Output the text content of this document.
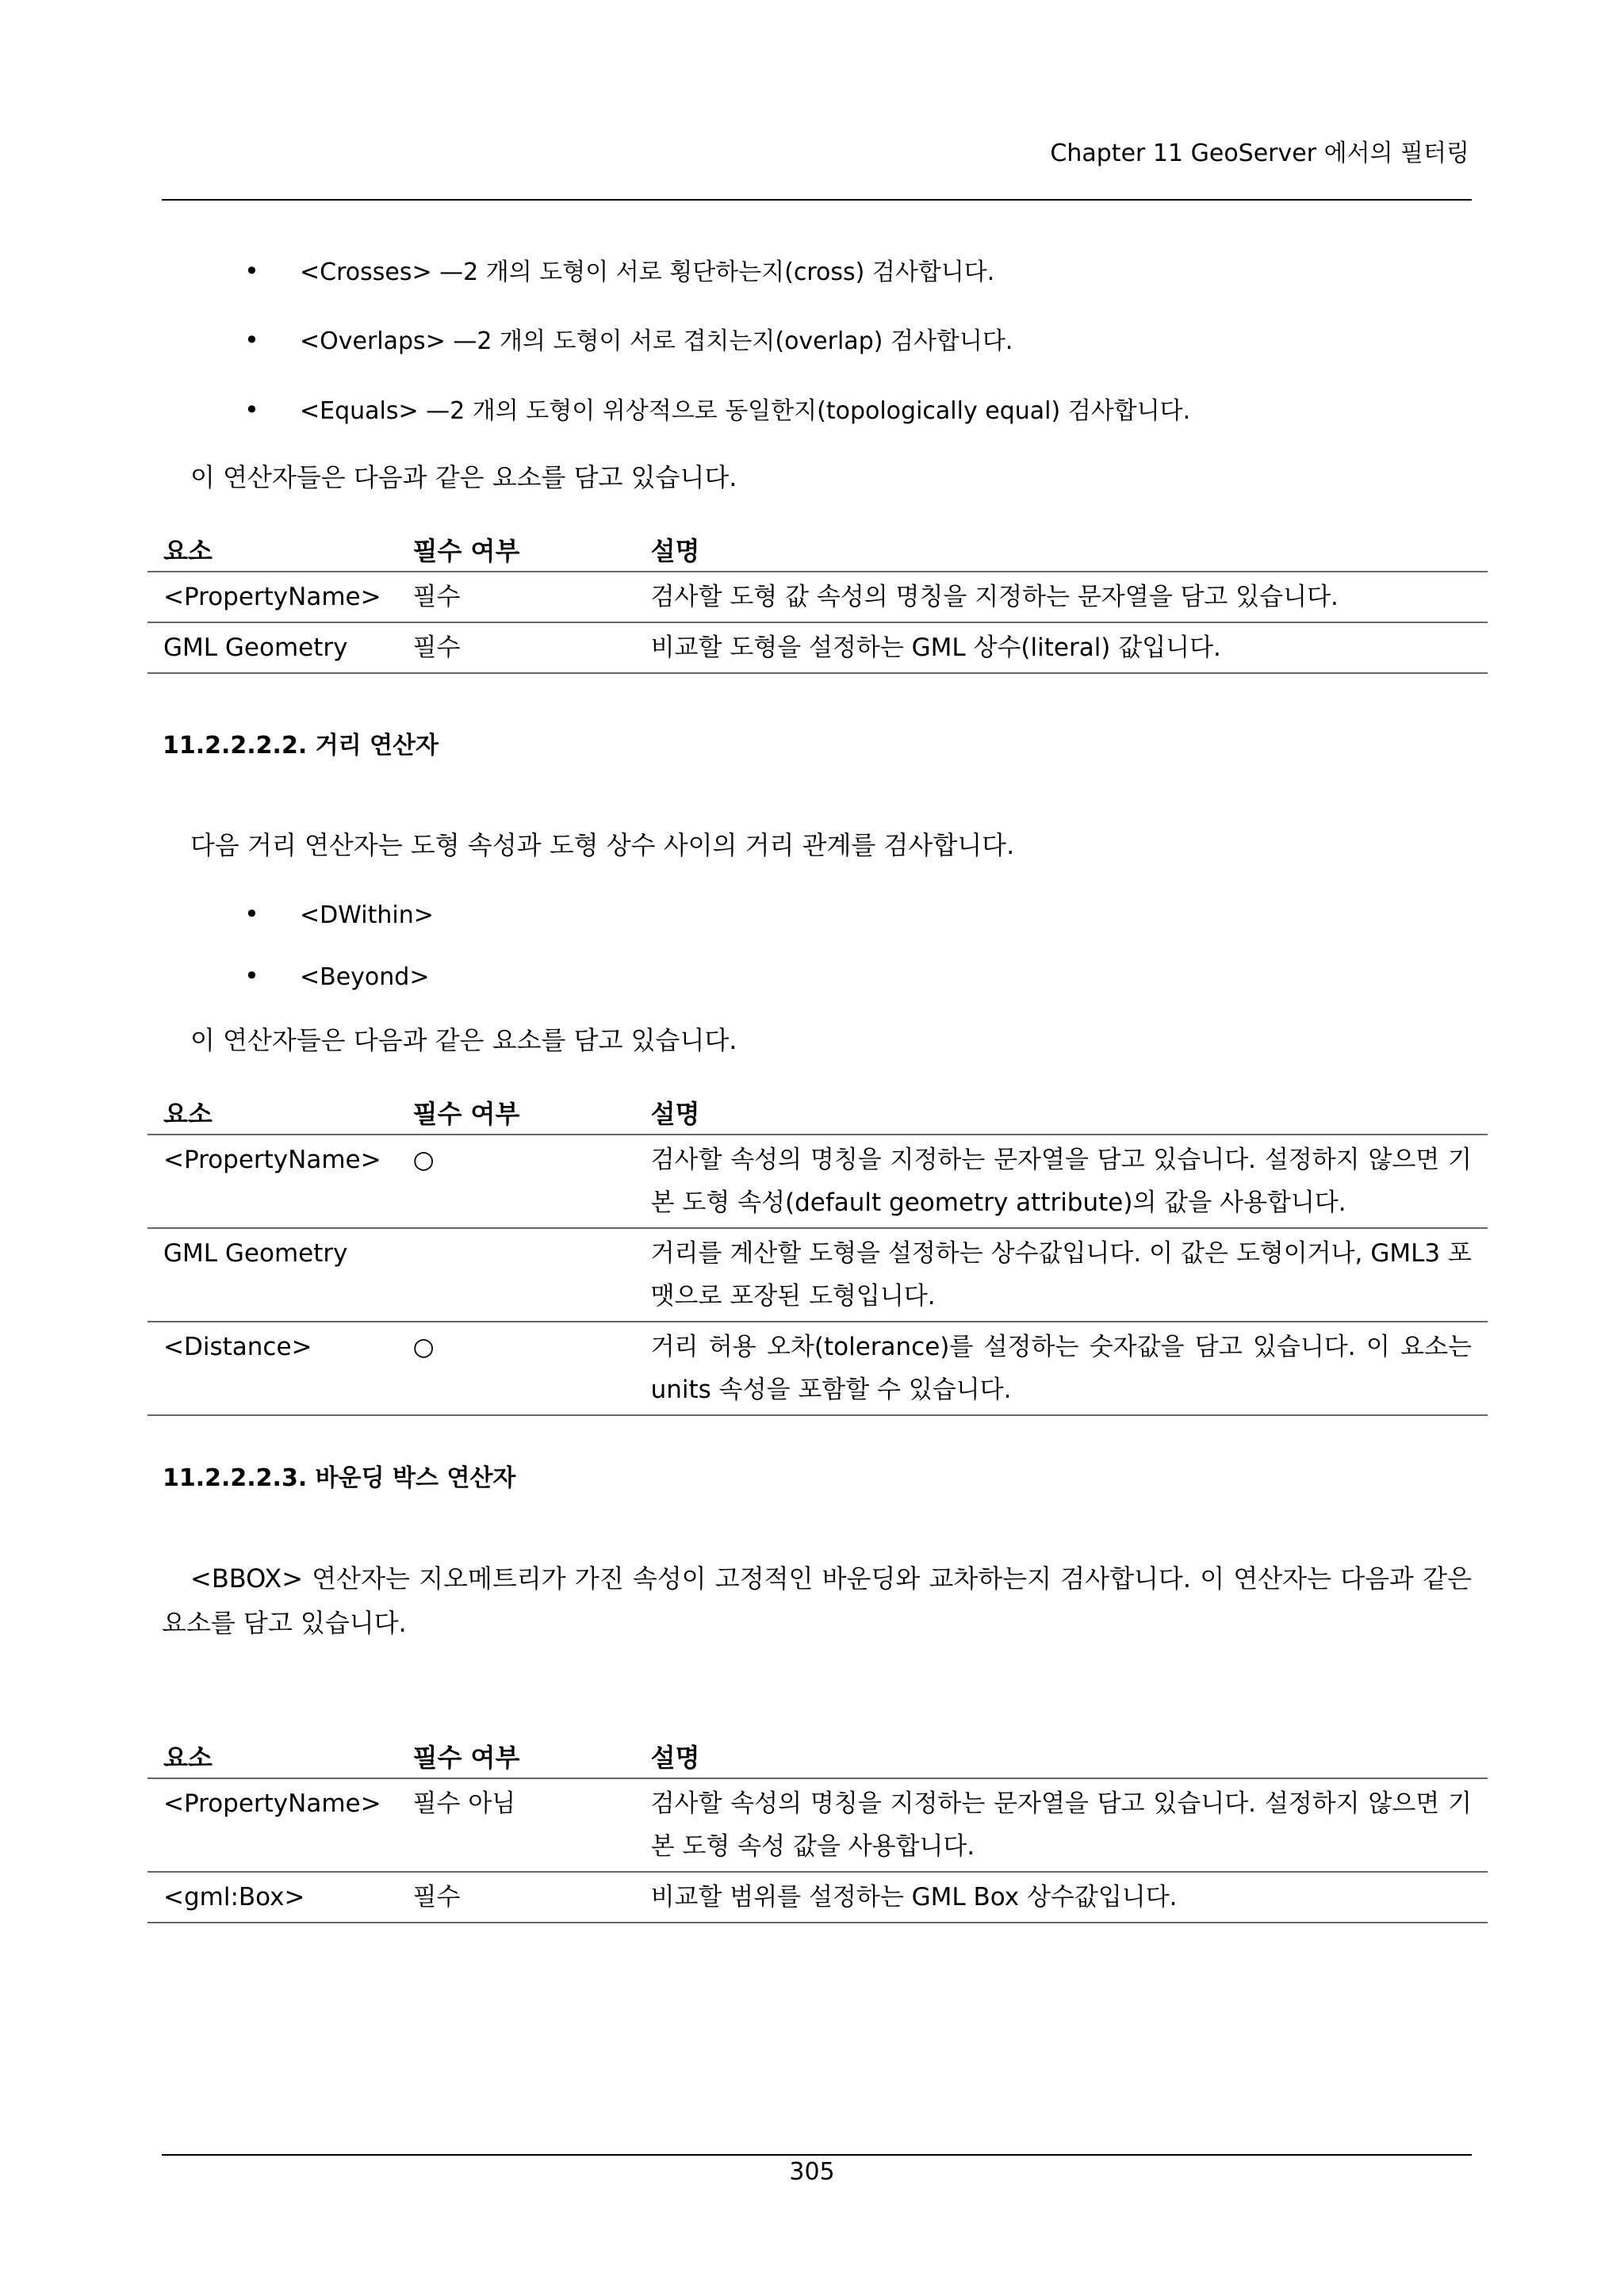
Chapter 11 GeoServer 에서의 필터링
• <Crosses> —2 개의 도형이 서로 횡단하는지(cross) 검사합니다.
• <Overlaps> —2 개의 도형이 서로 겹치는지(overlap) 검사합니다.
• <Equals> —2 개의 도형이 위상적으로 동일한지(topologically equal) 검사합니다.
이 연산자들은 다음과 같은 요소를 담고 있습니다.
요소	필수 여부	설명
<PropertyName>	필수	검사할 도형 값 속성의 명칭을 지정하는 문자열을 담고 있습니다.
GML Geometry	필수	비교할 도형을 설정하는 GML 상수(literal) 값입니다.
11.2.2.2.2. 거리 연산자
다음 거리 연산자는 도형 속성과 도형 상수 사이의 거리 관계를 검사합니다.
• <DWithin>
• <Beyond>
이 연산자들은 다음과 같은 요소를 담고 있습니다.
요소	필수 여부	설명
<PropertyName>	○	검사할 속성의 명칭을 지정하는 문자열을 담고 있습니다. 설정하지 않으면 기본 도형 속성(default geometry attribute)의 값을 사용합니다.
GML Geometry		거리를 계산할 도형을 설정하는 상수값입니다. 이 값은 도형이거나, GML3 포맷으로 포장된 도형입니다.
<Distance>	○	거리 허용 오차(tolerance)를 설정하는 숫자값을 담고 있습니다. 이 요소는 units 속성을 포함할 수 있습니다.
11.2.2.2.3. 바운딩 박스 연산자
<BBOX> 연산자는 지오메트리가 가진 속성이 고정적인 바운딩와 교차하는지 검사합니다. 이 연산자는 다음과 같은 요소를 담고 있습니다.
요소	필수 여부	설명
<PropertyName>	필수 아님	검사할 속성의 명칭을 지정하는 문자열을 담고 있습니다. 설정하지 않으면 기본 도형 속성 값을 사용합니다.
<gml:Box>	필수	비교할 범위를 설정하는 GML Box 상수값입니다.
305
